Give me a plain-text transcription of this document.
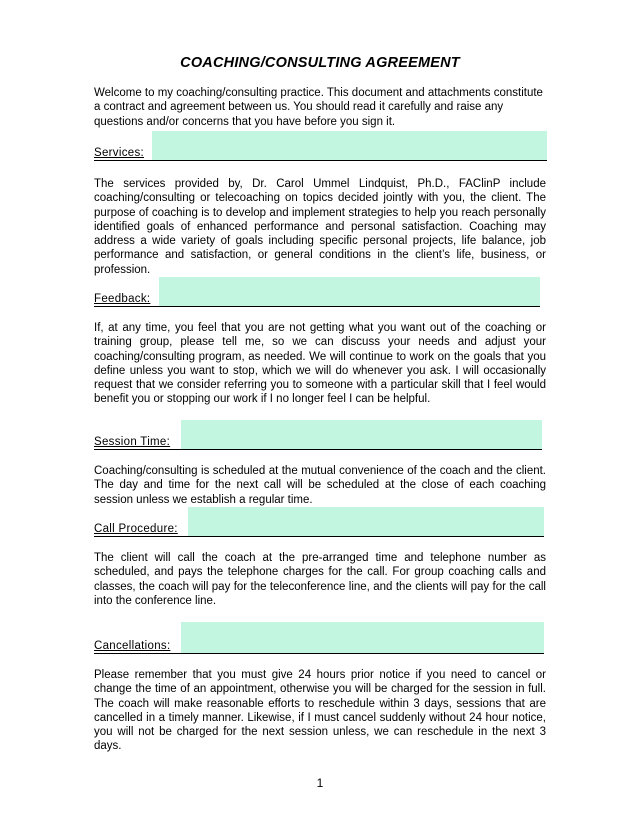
COACHING/CONSULTING AGREEMENT

Welcome to my coaching/consulting practice. This document and attachments constitute a contract and agreement between us. You should read it carefully and raise any questions and/or concerns that you have before you sign it.

Services:

The services provided by, Dr. Carol Ummel Lindquist, Ph.D., FAClinP include coaching/consulting or telecoaching on topics decided jointly with you, the client. The purpose of coaching is to develop and implement strategies to help you reach personally identified goals of enhanced performance and personal satisfaction. Coaching may address a wide variety of goals including specific personal projects, life balance, job performance and satisfaction, or general conditions in the client’s life, business, or profession.

Feedback:

If, at any time, you feel that you are not getting what you want out of the coaching or training group, please tell me, so we can discuss your needs and adjust your coaching/consulting program, as needed. We will continue to work on the goals that you define unless you want to stop, which we will do whenever you ask. I will occasionally request that we consider referring you to someone with a particular skill that I feel would benefit you or stopping our work if I no longer feel I can be helpful.

Session Time:

Coaching/consulting is scheduled at the mutual convenience of the coach and the client. The day and time for the next call will be scheduled at the close of each coaching session unless we establish a regular time.

Call Procedure:

The client will call the coach at the pre-arranged time and telephone number as scheduled, and pays the telephone charges for the call. For group coaching calls and classes, the coach will pay for the teleconference line, and the clients will pay for the call into the conference line.

Cancellations:

Please remember that you must give 24 hours prior notice if you need to cancel or change the time of an appointment, otherwise you will be charged for the session in full. The coach will make reasonable efforts to reschedule within 3 days, sessions that are cancelled in a timely manner. Likewise, if I must cancel suddenly without 24 hour notice, you will not be charged for the next session unless, we can reschedule in the next 3 days.

1
